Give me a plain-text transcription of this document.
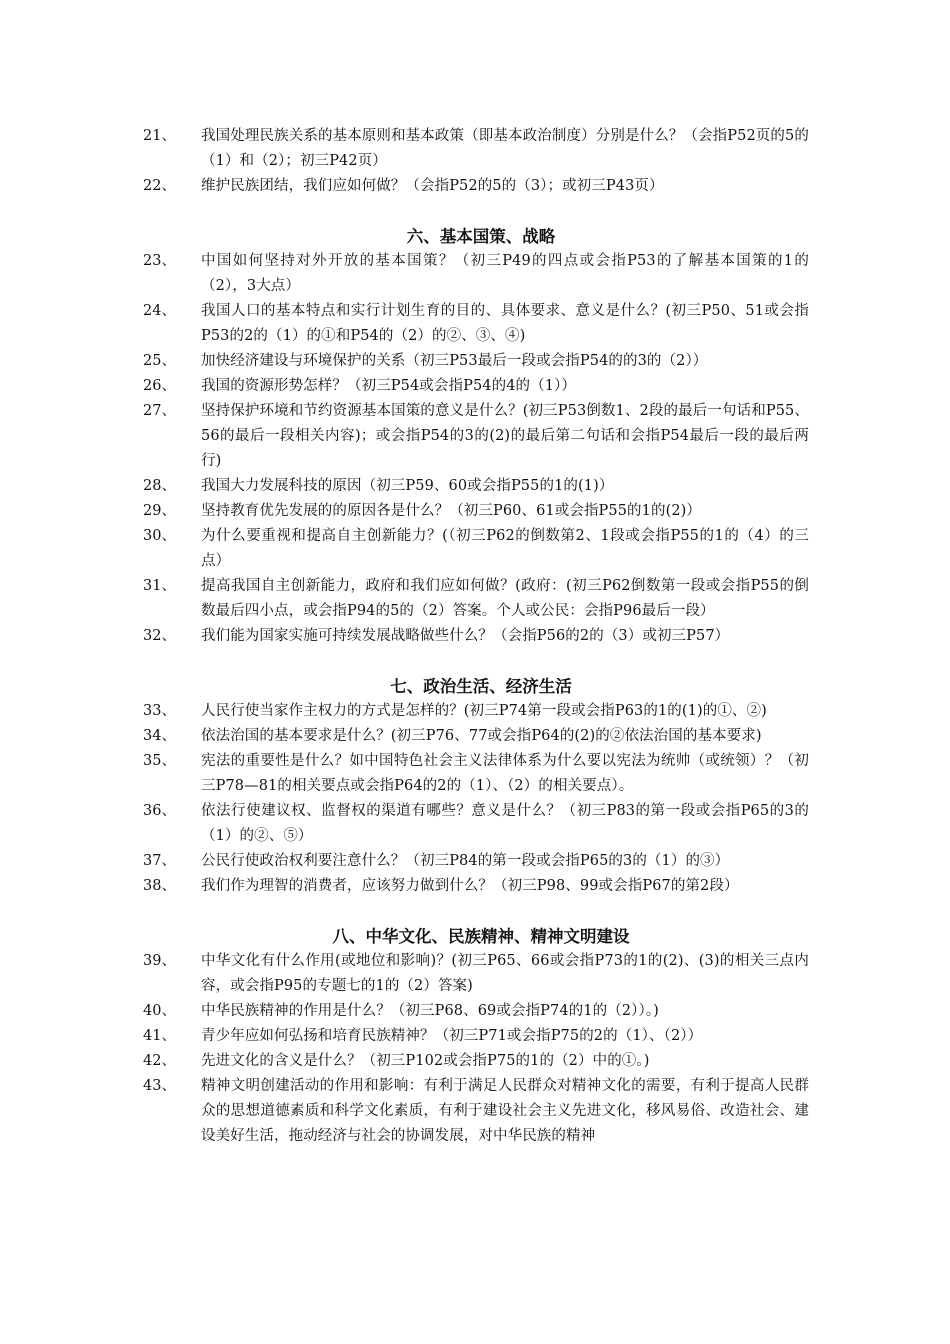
21、	我国处理民族关系的基本原则和基本政策（即基本政治制度）分别是什么？（会指P52页的5的（1）和（2）；初三P42页）
22、	维护民族团结，我们应如何做？（会指P52的5的（3）；或初三P43页）
六、基本国策、战略
23、	中国如何坚持对外开放的基本国策？（初三P49的四点或会指P53的了解基本国策的1的（2），3大点）
24、	我国人口的基本特点和实行计划生育的目的、具体要求、意义是什么？(初三P50、51或会指P53的2的（1）的①和P54的（2）的②、③、④)
25、	加快经济建设与环境保护的关系（初三P53最后一段或会指P54的的3的（2））
26、	我国的资源形势怎样？（初三P54或会指P54的4的（1））
27、	坚持保护环境和节约资源基本国策的意义是什么？(初三P53倒数1、2段的最后一句话和P55、56的最后一段相关内容)；或会指P54的3的(2)的最后第二句话和会指P54最后一段的最后两行)
28、	我国大力发展科技的原因（初三P59、60或会指P55的1的(1)）
29、	坚持教育优先发展的的原因各是什么？（初三P60、61或会指P55的1的(2)）
30、	为什么要重视和提高自主创新能力？(（初三P62的倒数第2、1段或会指P55的1的（4）的三点）
31、	提高我国自主创新能力，政府和我们应如何做？(政府：(初三P62倒数第一段或会指P55的倒数最后四小点，或会指P94的5的（2）答案。个人或公民：会指P96最后一段）
32、	我们能为国家实施可持续发展战略做些什么？（会指P56的2的（3）或初三P57）
七、政治生活、经济生活
33、	人民行使当家作主权力的方式是怎样的？(初三P74第一段或会指P63的1的(1)的①、②)
34、	依法治国的基本要求是什么？(初三P76、77或会指P64的(2)的②依法治国的基本要求)
35、	宪法的重要性是什么？如中国特色社会主义法律体系为什么要以宪法为统帅（或统领）？（初三P78—81的相关要点或会指P64的2的（1）、（2）的相关要点）。
36、	依法行使建议权、监督权的渠道有哪些？意义是什么？（初三P83的第一段或会指P65的3的（1）的②、⑤）
37、	公民行使政治权利要注意什么？（初三P84的第一段或会指P65的3的（1）的③）
38、	我们作为理智的消费者，应该努力做到什么？（初三P98、99或会指P67的第2段）
八、中华文化、民族精神、精神文明建设
39、	中华文化有什么作用(或地位和影响)？(初三P65、66或会指P73的1的(2)、(3)的相关三点内容，或会指P95的专题七的1的（2）答案)
40、	中华民族精神的作用是什么？（初三P68、69或会指P74的1的（2））。)
41、	青少年应如何弘扬和培育民族精神？（初三P71或会指P75的2的（1）、（2））
42、	先进文化的含义是什么？（初三P102或会指P75的1的（2）中的①。)
43、	精神文明创建活动的作用和影响：有利于满足人民群众对精神文化的需要，有利于提高人民群众的思想道德素质和科学文化素质，有利于建设社会主义先进文化，移风易俗、改造社会、建设美好生活，拖动经济与社会的协调发展，对中华民族的精神
